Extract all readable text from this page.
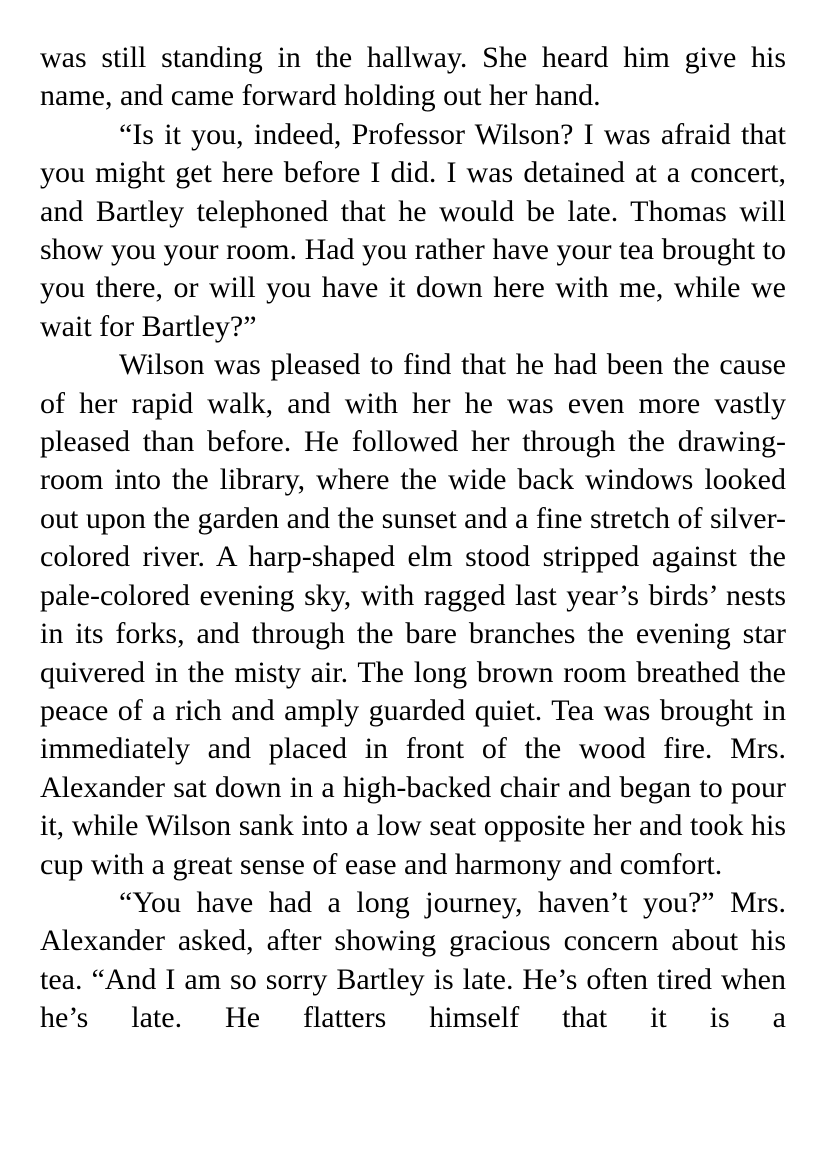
was still standing in the hallway. She heard him give his name, and came forward holding out her hand.

“Is it you, indeed, Professor Wilson? I was afraid that you might get here before I did. I was detained at a concert, and Bartley telephoned that he would be late. Thomas will show you your room. Had you rather have your tea brought to you there, or will you have it down here with me, while we wait for Bartley?”

Wilson was pleased to find that he had been the cause of her rapid walk, and with her he was even more vastly pleased than before. He followed her through the drawing-room into the library, where the wide back windows looked out upon the garden and the sunset and a fine stretch of silver-colored river. A harp-shaped elm stood stripped against the pale-colored evening sky, with ragged last year’s birds’ nests in its forks, and through the bare branches the evening star quivered in the misty air. The long brown room breathed the peace of a rich and amply guarded quiet. Tea was brought in immediately and placed in front of the wood fire. Mrs. Alexander sat down in a high-backed chair and began to pour it, while Wilson sank into a low seat opposite her and took his cup with a great sense of ease and harmony and comfort.

“You have had a long journey, haven’t you?” Mrs. Alexander asked, after showing gracious concern about his tea. “And I am so sorry Bartley is late. He’s often tired when he’s late. He flatters himself that it is a
